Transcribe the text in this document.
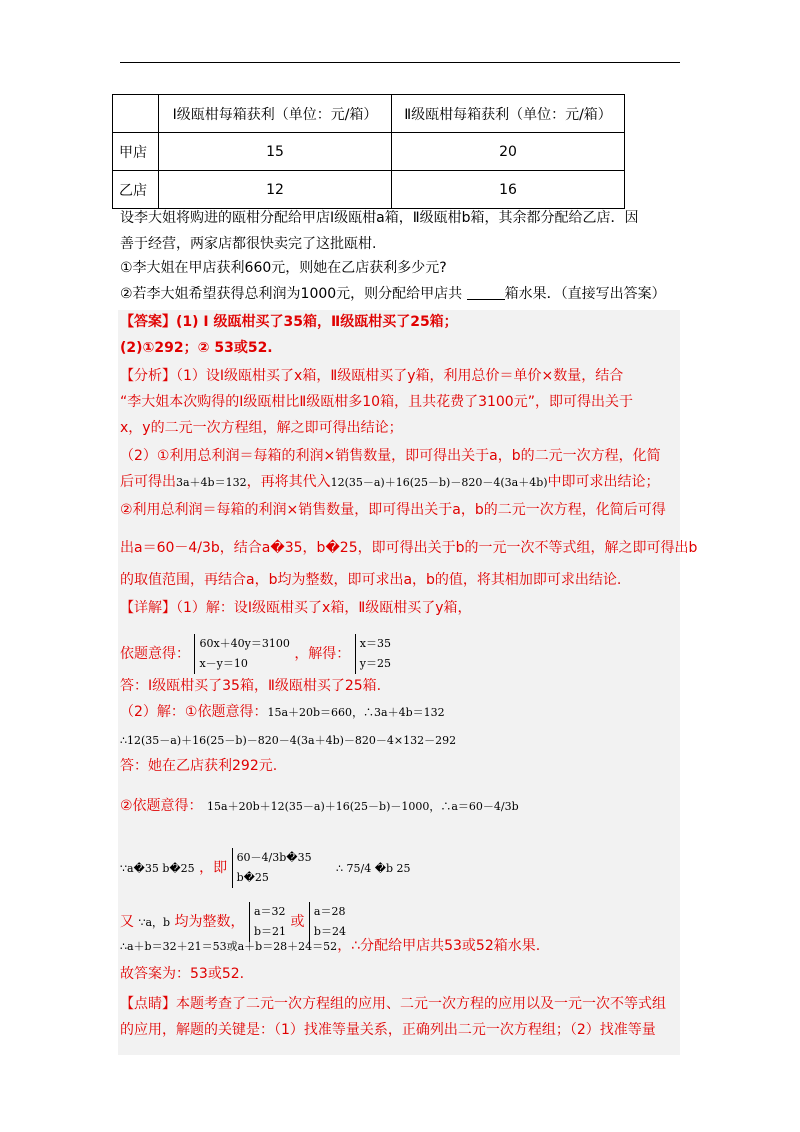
	Ⅰ级瓯柑每箱获利（单位：元/箱）	Ⅱ级瓯柑每箱获利（单位：元/箱）
甲店	15	20
乙店	12	16
设李大姐将购进的瓯柑分配给甲店Ⅰ级瓯柑a箱，Ⅱ级瓯柑b箱，其余都分配给乙店．因
善于经营，两家店都很快卖完了这批瓯柑.
①李大姐在甲店获利660元，则她在乙店获利多少元?
②若李大姐希望获得总利润为1000元，则分配给甲店共	箱水果．（直接写出答案）
【答案】(1) Ⅰ 级瓯柑买了35箱，Ⅱ级瓯柑买了25箱；
(2)①292；② 53或52.
【分析】（1）设Ⅰ级瓯柑买了x箱，Ⅱ级瓯柑买了y箱，利用总价＝单价×数量，结合
“李大姐本次购得的Ⅰ级瓯柑比Ⅱ级瓯柑多10箱，且共花费了3100元”，即可得出关于
x，y的二元一次方程组，解之即可得出结论；
（2）①利用总利润＝每箱的利润×销售数量，即可得出关于a，b的二元一次方程，化简
后可得出3a＋4b＝132，再将其代入12(35－a)＋16(25－b)－820－4(3a＋4b)中即可求出结论；
②利用总利润＝每箱的利润×销售数量，即可得出关于a，b的二元一次方程，化简后可得
出a＝60－4/3b，结合a�35，b�25，即可得出关于b的一元一次不等式组，解之即可得出b
的取值范围，再结合a，b均为整数，即可求出a，b的值，将其相加即可求出结论.
【详解】（1）解：设Ⅰ级瓯柑买了x箱，Ⅱ级瓯柑买了y箱，
依题意得：
60x＋40y＝3100
x－y＝10
，解得：
x＝35
y＝25
答：Ⅰ级瓯柑买了35箱，Ⅱ级瓯柑买了25箱.
（2）解：①依题意得：15a＋20b＝660，∴3a＋4b＝132
∴12(35－a)＋16(25－b)－820－4(3a＋4b)－820－4×132－292
答：她在乙店获利292元.
②依题意得： 15a＋20b＋12(35－a)＋16(25－b)－1000，∴a＝60－4/3b
∵a�35 b�25 ，即
60－4/3b�35
b�25
∴ 75/4 �b 25
又 ∵a，b 均为整数，
a＝32
b＝21
或
a＝28
b＝24
∴a＋b＝32＋21＝53或a＋b＝28＋24＝52，∴分配给甲店共53或52箱水果.
故答案为：53或52.
【点睛】本题考查了二元一次方程组的应用、二元一次方程的应用以及一元一次不等式组
的应用，解题的关键是：（1）找准等量关系，正确列出二元一次方程组；（2）找准等量
